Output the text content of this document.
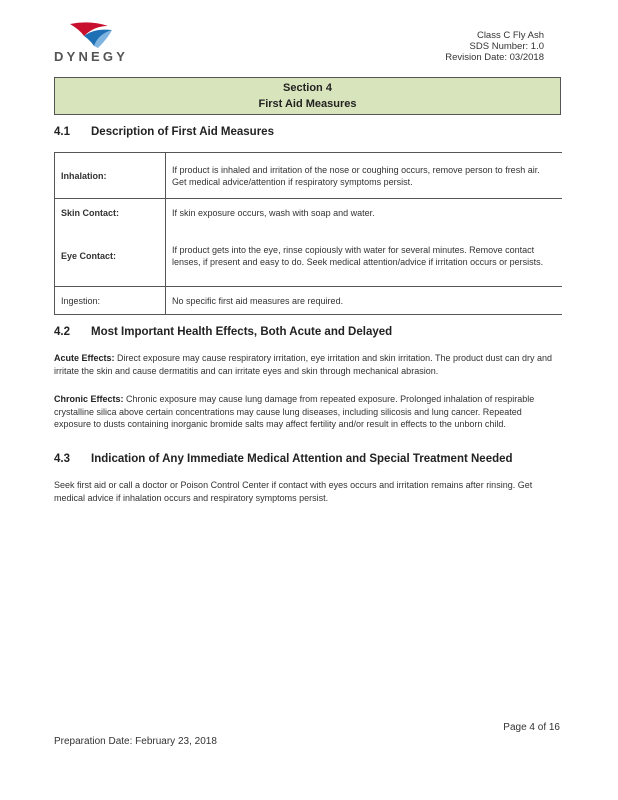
DYNEGY
Class C Fly Ash
SDS Number: 1.0
Revision Date: 03/2018
Section 4
First Aid Measures
4.1 Description of First Aid Measures
Inhalation:	If product is inhaled and irritation of the nose or coughing occurs, remove person to fresh air. Get medical advice/attention if respiratory symptoms persist.
Skin Contact:	If skin exposure occurs, wash with soap and water.
Eye Contact:	If product gets into the eye, rinse copiously with water for several minutes. Remove contact lenses, if present and easy to do. Seek medical attention/advice if irritation occurs or persists.
Ingestion:	No specific first aid measures are required.
4.2 Most Important Health Effects, Both Acute and Delayed
Acute Effects: Direct exposure may cause respiratory irritation, eye irritation and skin irritation. The product dust can dry and irritate the skin and cause dermatitis and can irritate eyes and skin through mechanical abrasion.
Chronic Effects: Chronic exposure may cause lung damage from repeated exposure. Prolonged inhalation of respirable crystalline silica above certain concentrations may cause lung diseases, including silicosis and lung cancer. Repeated exposure to dusts containing inorganic bromide salts may affect fertility and/or result in effects to the unborn child.
4.3 Indication of Any Immediate Medical Attention and Special Treatment Needed
Seek first aid or call a doctor or Poison Control Center if contact with eyes occurs and irritation remains after rinsing. Get medical advice if inhalation occurs and respiratory symptoms persist.
Page 4 of 16
Preparation Date: February 23, 2018
